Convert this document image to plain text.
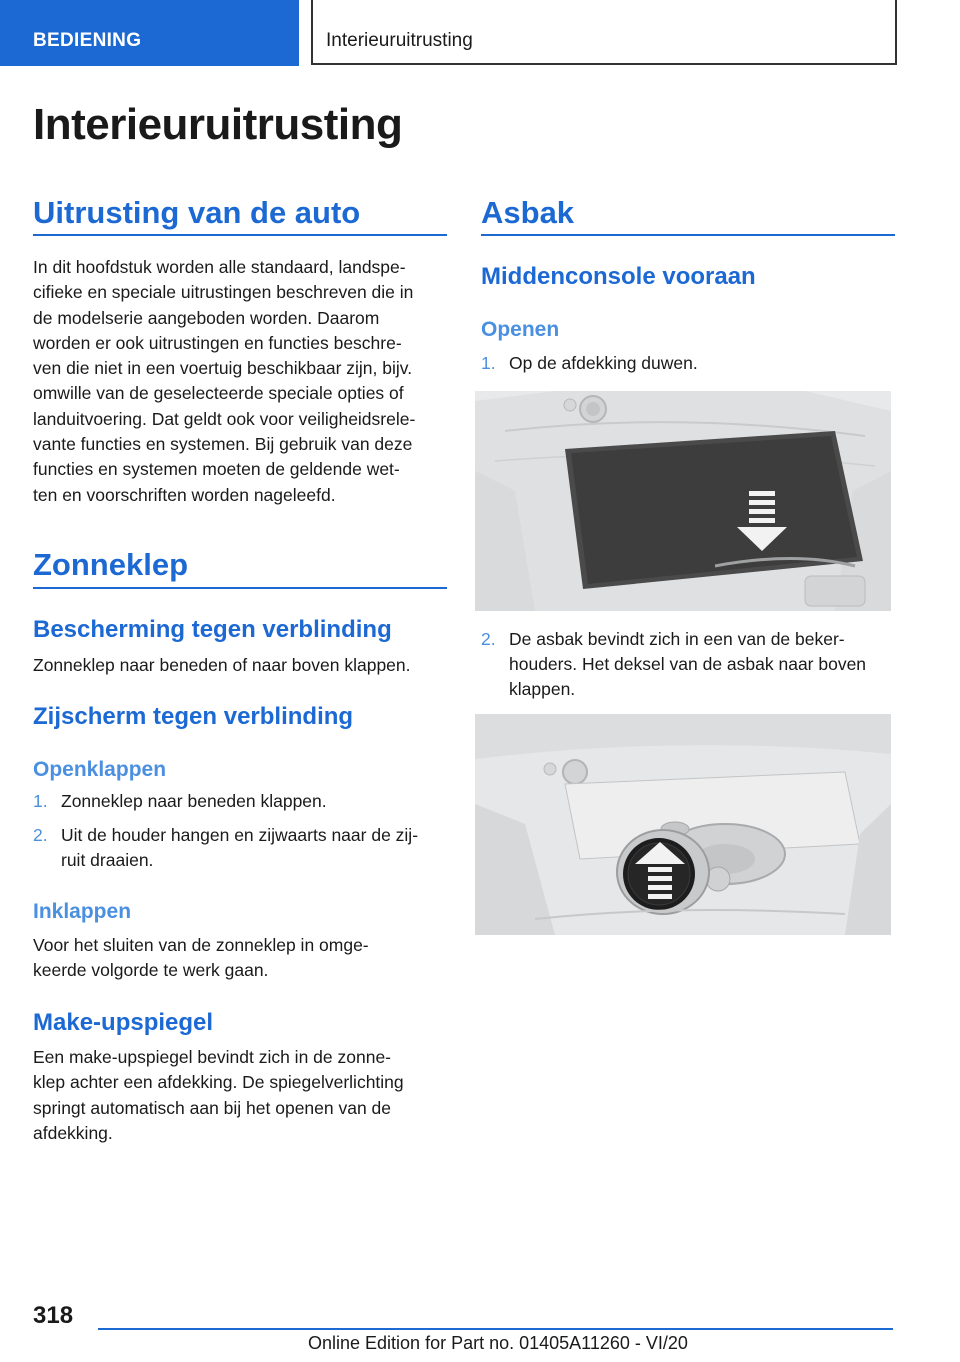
BEDIENING	Interieuruitrusting
Interieuruitrusting
Uitrusting van de auto

In dit hoofdstuk worden alle standaard, landspe-
cifieke en speciale uitrustingen beschreven die in
de modelserie aangeboden worden. Daarom
worden er ook uitrustingen en functies beschre-
ven die niet in een voertuig beschikbaar zijn, bijv.
omwille van de geselecteerde speciale opties of
landuitvoering. Dat geldt ook voor veiligheidsrele-
vante functies en systemen. Bij gebruik van deze
functies en systemen moeten de geldende wet-
ten en voorschriften worden nageleefd.

Zonneklep
Bescherming tegen verblinding

Zonneklep naar beneden of naar boven klappen.

Zijscherm tegen verblinding
Openklappen
1. Zonneklep naar beneden klappen.
2. Uit de houder hangen en zijwaarts naar de zij-
ruit draaien.
Inklappen

Voor het sluiten van de zonneklep in omge-
keerde volgorde te werk gaan.

Make-upspiegel

Een make-upspiegel bevindt zich in de zonne-
klep achter een afdekking. De spiegelverlichting
springt automatisch aan bij het openen van de
afdekking.

Asbak
Middenconsole vooraan
Openen
1. Op de afdekking duwen.
2. De asbak bevindt zich in een van de beker-
houders. Het deksel van de asbak naar boven
klappen.
318
Online Edition for Part no. 01405A11260 - VI/20
